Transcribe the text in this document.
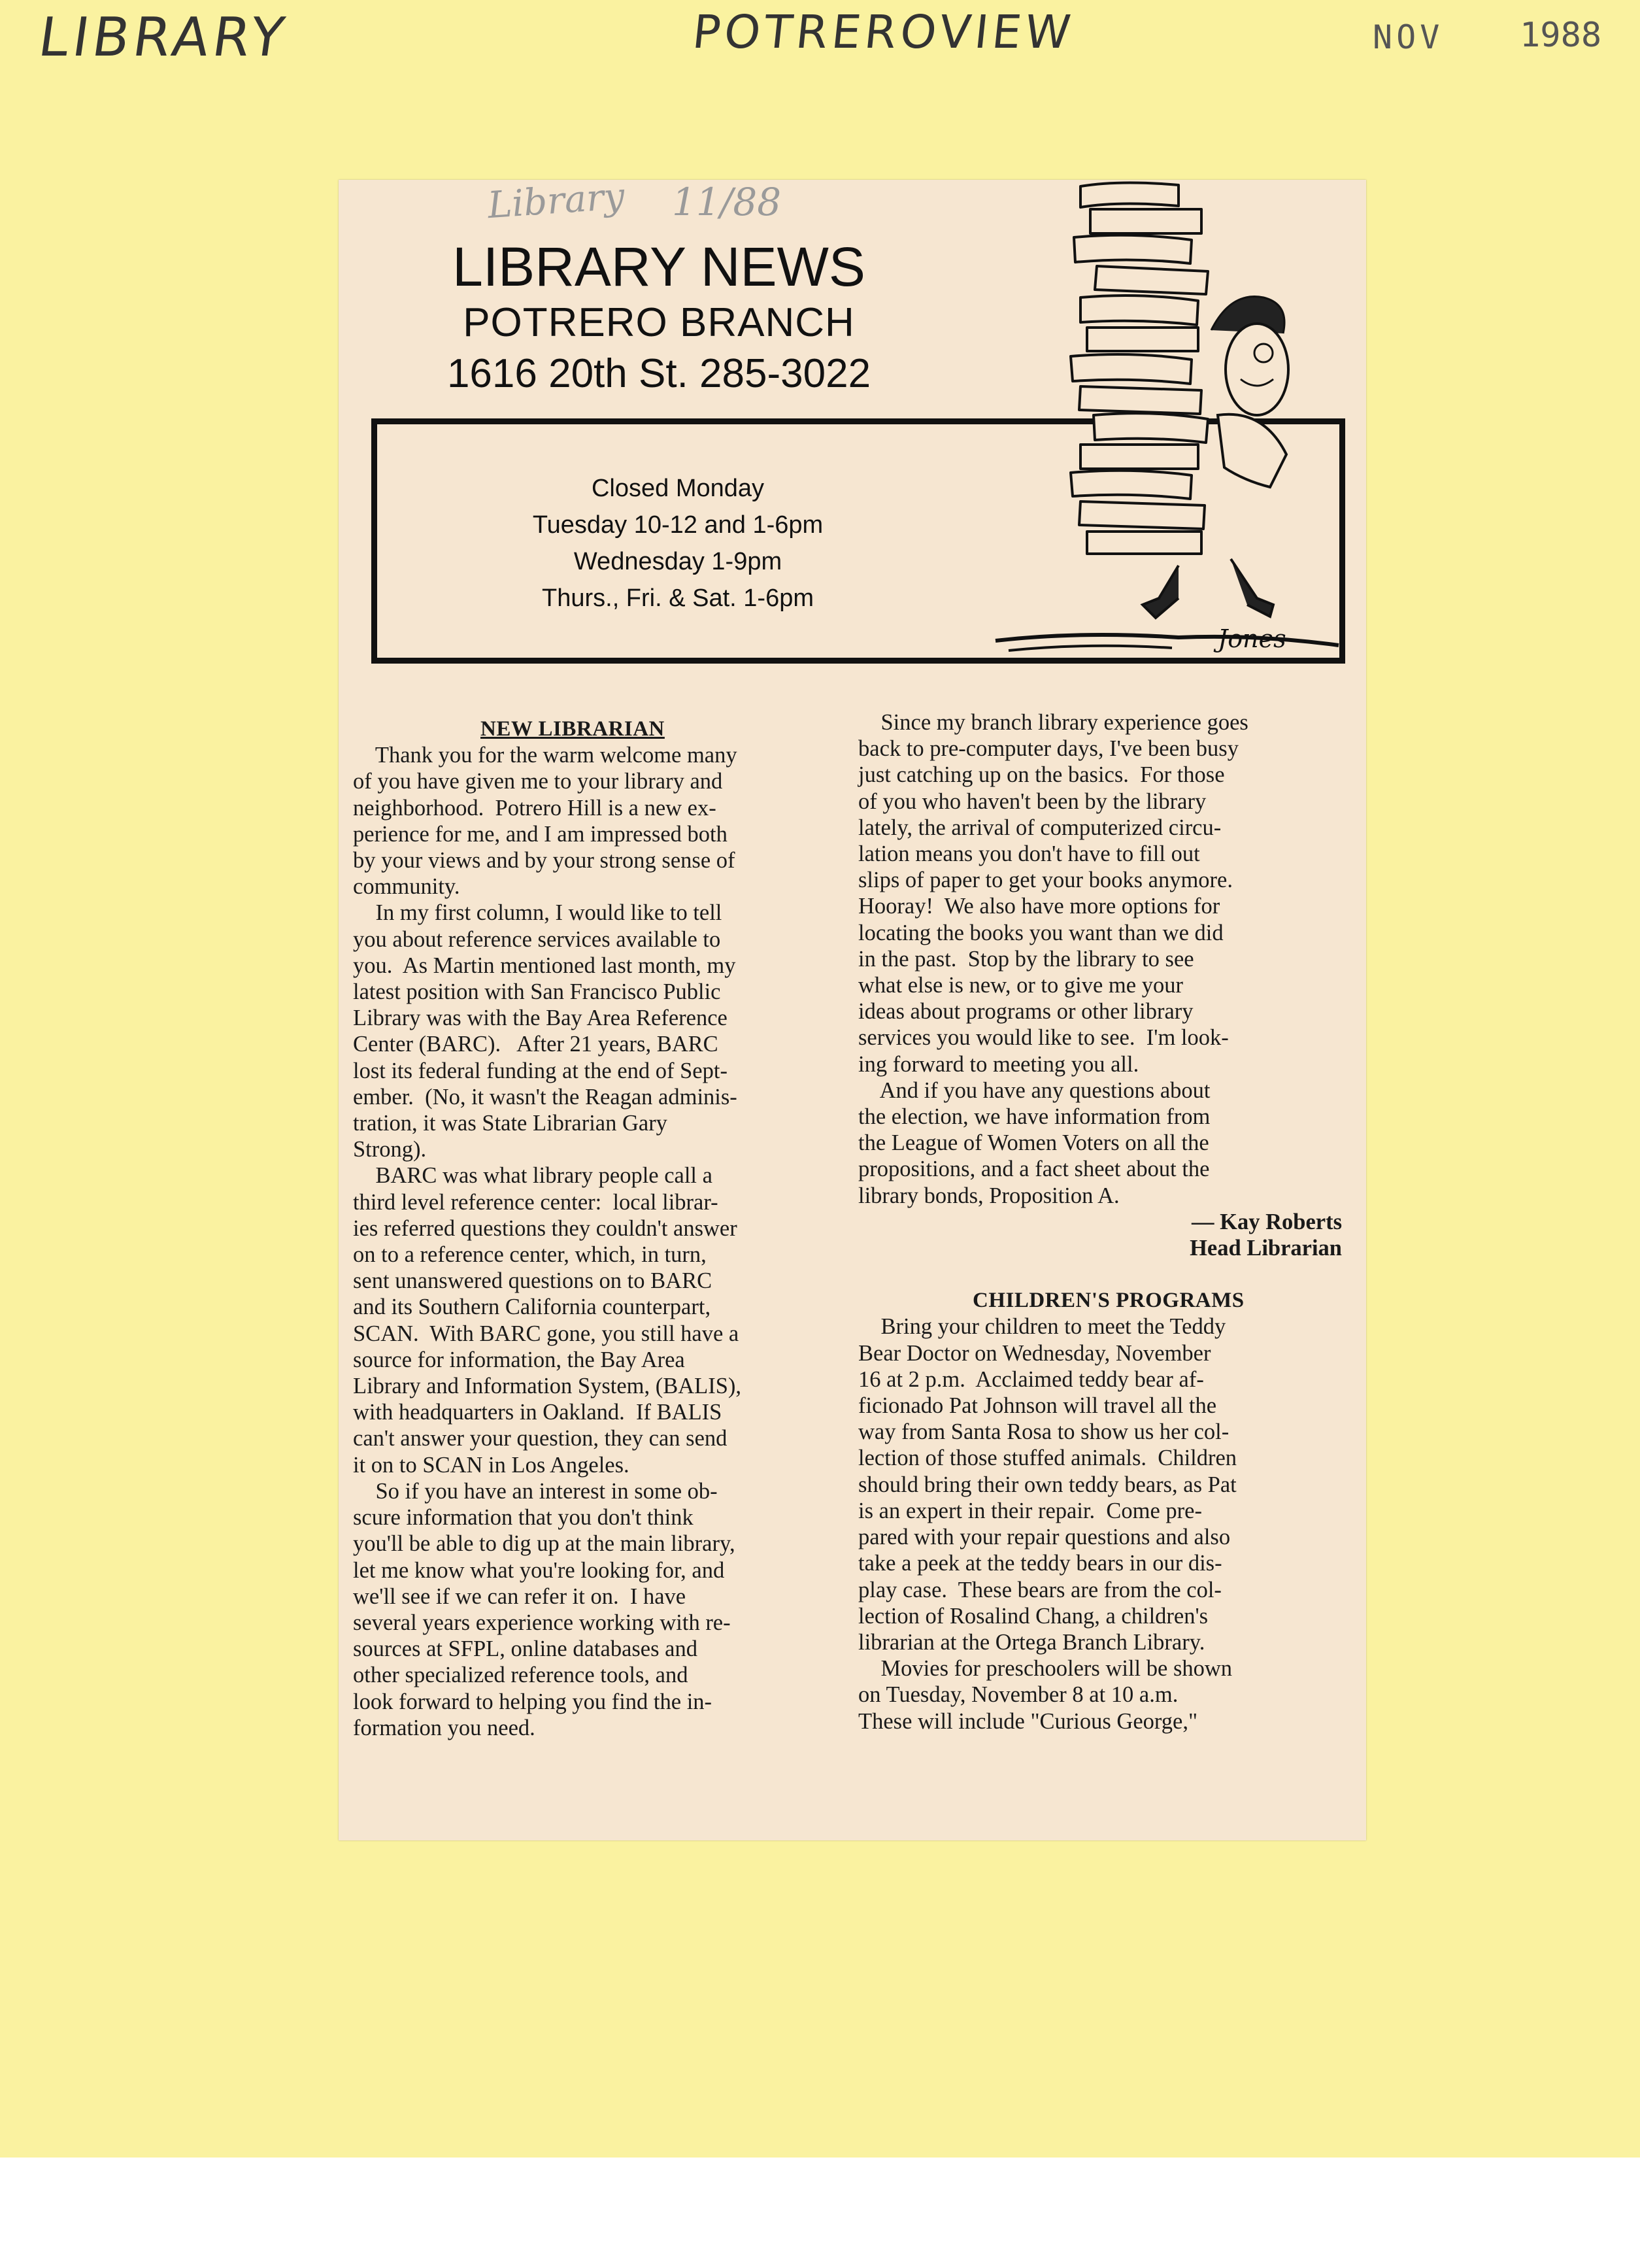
LIBRARY	POTREROVIEW	NOV 1988
Library 11/88
LIBRARY NEWS
POTRERO BRANCH
1616 20th St. 285-3022
Closed Monday
Tuesday 10-12 and 1-6pm
Wednesday 1-9pm
Thurs., Fri. & Sat. 1-6pm
Jones
NEW LIBRARIAN
Thank you for the warm welcome many
of you have given me to your library and
neighborhood.  Potrero Hill is a new ex-
perience for me, and I am impressed both
by your views and by your strong sense of
community.
In my first column, I would like to tell
you about reference services available to
you.  As Martin mentioned last month, my
latest position with San Francisco Public
Library was with the Bay Area Reference
Center (BARC).   After 21 years, BARC
lost its federal funding at the end of Sept-
ember.  (No, it wasn't the Reagan adminis-
tration, it was State Librarian Gary
Strong).
BARC was what library people call a
third level reference center:  local librar-
ies referred questions they couldn't answer
on to a reference center, which, in turn,
sent unanswered questions on to BARC
and its Southern California counterpart,
SCAN.  With BARC gone, you still have a
source for information, the Bay Area
Library and Information System, (BALIS),
with headquarters in Oakland.  If BALIS
can't answer your question, they can send
it on to SCAN in Los Angeles.
So if you have an interest in some ob-
scure information that you don't think
you'll be able to dig up at the main library,
let me know what you're looking for, and
we'll see if we can refer it on.  I have
several years experience working with re-
sources at SFPL, online databases and
other specialized reference tools, and
look forward to helping you find the in-
formation you need.
Since my branch library experience goes
back to pre-computer days, I've been busy
just catching up on the basics.  For those
of you who haven't been by the library
lately, the arrival of computerized circu-
lation means you don't have to fill out
slips of paper to get your books anymore.
Hooray!  We also have more options for
locating the books you want than we did
in the past.  Stop by the library to see
what else is new, or to give me your
ideas about programs or other library
services you would like to see.  I'm look-
ing forward to meeting you all.
And if you have any questions about
the election, we have information from
the League of Women Voters on all the
propositions, and a fact sheet about the
library bonds, Proposition A.
— Kay Roberts
Head Librarian
CHILDREN'S PROGRAMS
Bring your children to meet the Teddy
Bear Doctor on Wednesday, November
16 at 2 p.m.  Acclaimed teddy bear af-
ficionado Pat Johnson will travel all the
way from Santa Rosa to show us her col-
lection of those stuffed animals.  Children
should bring their own teddy bears, as Pat
is an expert in their repair.  Come pre-
pared with your repair questions and also
take a peek at the teddy bears in our dis-
play case.  These bears are from the col-
lection of Rosalind Chang, a children's
librarian at the Ortega Branch Library.
Movies for preschoolers will be shown
on Tuesday, November 8 at 10 a.m.
These will include "Curious George,"
